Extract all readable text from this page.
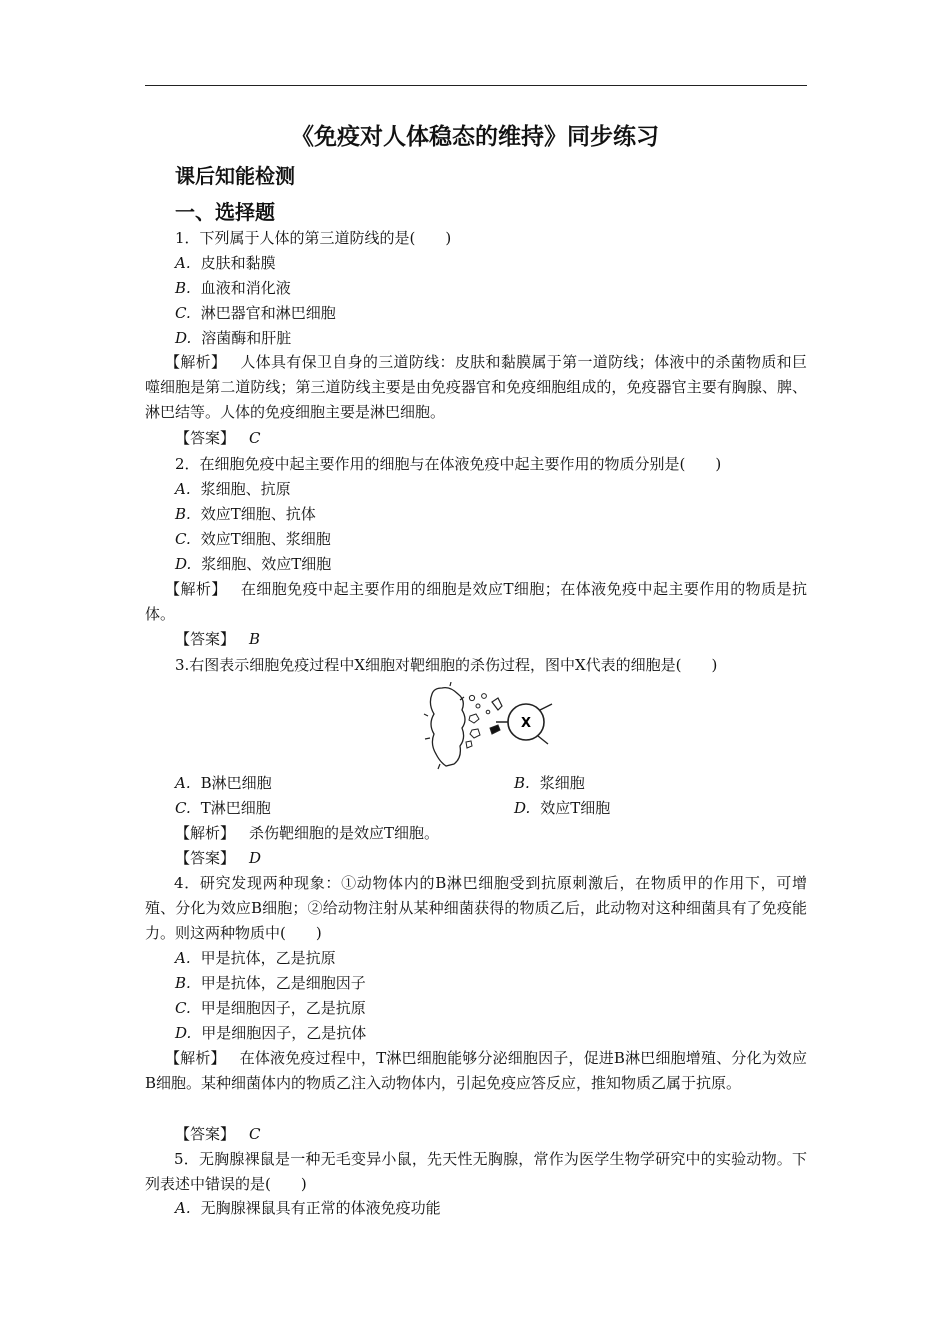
《免疫对人体稳态的维持》同步练习
课后知能检测
一、选择题
1．下列属于人体的第三道防线的是(　　)
A. 皮肤和黏膜
B. 血液和消化液
C. 淋巴器官和淋巴细胞
D. 溶菌酶和肝脏
【解析】 人体具有保卫自身的三道防线：皮肤和黏膜属于第一道防线；体液中的杀菌物质和巨噬细胞是第二道防线；第三道防线主要是由免疫器官和免疫细胞组成的，免疫器官主要有胸腺、脾、淋巴结等。人体的免疫细胞主要是淋巴细胞。
【答案】 C
2．在细胞免疫中起主要作用的细胞与在体液免疫中起主要作用的物质分别是(　　)
A. 浆细胞、抗原
B. 效应T细胞、抗体
C. 效应T细胞、浆细胞
D. 浆细胞、效应T细胞
【解析】 在细胞免疫中起主要作用的细胞是效应T细胞；在体液免疫中起主要作用的物质是抗体。
【答案】 B
3.右图表示细胞免疫过程中X细胞对靶细胞的杀伤过程，图中X代表的细胞是(　　)
X
A. B淋巴细胞	B. 浆细胞
C. T淋巴细胞	D. 效应T细胞
【解析】 杀伤靶细胞的是效应T细胞。
【答案】 D
4．研究发现两种现象：①动物体内的B淋巴细胞受到抗原刺激后，在物质甲的作用下，可增殖、分化为效应B细胞；②给动物注射从某种细菌获得的物质乙后，此动物对这种细菌具有了免疫能力。则这两种物质中(　　)
A. 甲是抗体，乙是抗原
B. 甲是抗体，乙是细胞因子
C. 甲是细胞因子，乙是抗原
D. 甲是细胞因子，乙是抗体
【解析】 在体液免疫过程中，T淋巴细胞能够分泌细胞因子，促进B淋巴细胞增殖、分化为效应B细胞。某种细菌体内的物质乙注入动物体内，引起免疫应答反应，推知物质乙属于抗原。
【答案】 C
5．无胸腺裸鼠是一种无毛变异小鼠，先天性无胸腺，常作为医学生物学研究中的实验动物。下列表述中错误的是(　　)
A. 无胸腺裸鼠具有正常的体液免疫功能
